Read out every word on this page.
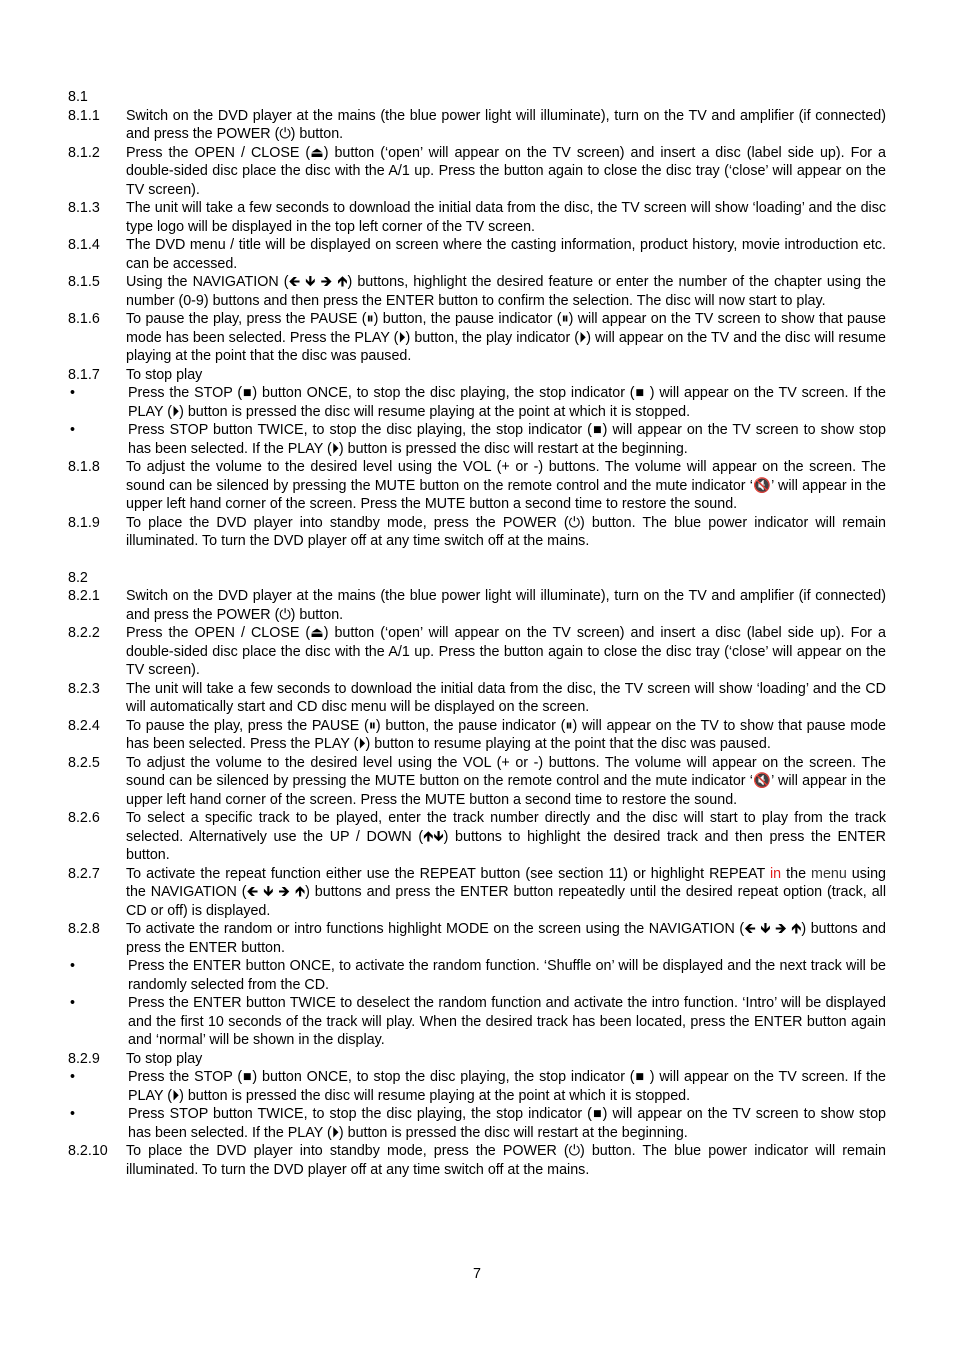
8.1
8.1.1	Switch on the DVD player at the mains (the blue power light will illuminate), turn on the TV and amplifier (if connected) and press the POWER (⏻) button.
8.1.2	Press the OPEN / CLOSE (⏏) button (‘open’ will appear on the TV screen) and insert a disc (label side up). For a double-sided disc place the disc with the A/1 up. Press the button again to close the disc tray (‘close’ will appear on the TV screen).
8.1.3	The unit will take a few seconds to download the initial data from the disc, the TV screen will show ‘loading’ and the disc type logo will be displayed in the top left corner of the TV screen.
8.1.4	The DVD menu / title will be displayed on screen where the casting information, product history, movie introduction etc. can be accessed.
8.1.5	Using the NAVIGATION (🡸 🡻 🡺 🡹) buttons, highlight the desired feature or enter the number of the chapter using the number (0-9) buttons and then press the ENTER button to confirm the selection. The disc will now start to play.
8.1.6	To pause the play, press the PAUSE (⏸) button, the pause indicator (⏸) will appear on the TV screen to show that pause mode has been selected. Press the PLAY (⏵) button, the play indicator (⏵) will appear on the TV and the disc will resume playing at the point that the disc was paused.
8.1.7	To stop play
•	Press the STOP (■) button ONCE, to stop the disc playing, the stop indicator (■ ) will appear on the TV screen. If the PLAY (⏵) button is pressed the disc will resume playing at the point at which it is stopped.
•	Press STOP button TWICE, to stop the disc playing, the stop indicator (■) will appear on the TV screen to show stop has been selected. If the PLAY (⏵) button is pressed the disc will restart at the beginning.
8.1.8	To adjust the volume to the desired level using the VOL (+ or -) buttons. The volume will appear on the screen. The sound can be silenced by pressing the MUTE button on the remote control and the mute indicator ‘🔇’ will appear in the upper left hand corner of the screen. Press the MUTE button a second time to restore the sound.
8.1.9	To place the DVD player into standby mode, press the POWER (⏻) button. The blue power indicator will remain illuminated. To turn the DVD player off at any time switch off at the mains.
8.2
8.2.1	Switch on the DVD player at the mains (the blue power light will illuminate), turn on the TV and amplifier (if connected) and press the POWER (⏻) button.
8.2.2	Press the OPEN / CLOSE (⏏) button (‘open’ will appear on the TV screen) and insert a disc (label side up). For a double-sided disc place the disc with the A/1 up. Press the button again to close the disc tray (‘close’ will appear on the TV screen).
8.2.3	The unit will take a few seconds to download the initial data from the disc, the TV screen will show ‘loading’ and the CD will automatically start and CD disc menu will be displayed on the screen.
8.2.4	To pause the play, press the PAUSE (⏸) button, the pause indicator (⏸) will appear on the TV to show that pause mode has been selected. Press the PLAY (⏵) button to resume playing at the point that the disc was paused.
8.2.5	To adjust the volume to the desired level using the VOL (+ or -) buttons. The volume will appear on the screen. The sound can be silenced by pressing the MUTE button on the remote control and the mute indicator ‘🔇’ will appear in the upper left hand corner of the screen. Press the MUTE button a second time to restore the sound.
8.2.6	To select a specific track to be played, enter the track number directly and the disc will start to play from the track selected. Alternatively use the UP / DOWN (🡹🡻) buttons to highlight the desired track and then press the ENTER button.
8.2.7	To activate the repeat function either use the REPEAT button (see section 11) or highlight REPEAT in the menu using the NAVIGATION (🡸 🡻 🡺 🡹) buttons and press the ENTER button repeatedly until the desired repeat option (track, all CD or off) is displayed.
8.2.8	To activate the random or intro functions highlight MODE on the screen using the NAVIGATION (🡸 🡻 🡺 🡹) buttons and press the ENTER button.
•	Press the ENTER button ONCE, to activate the random function. ‘Shuffle on’ will be displayed and the next track will be randomly selected from the CD.
•	Press the ENTER button TWICE to deselect the random function and activate the intro function. ‘Intro’ will be displayed and the first 10 seconds of the track will play. When the desired track has been located, press the ENTER button again and ‘normal’ will be shown in the display.
8.2.9	To stop play
•	Press the STOP (■) button ONCE, to stop the disc playing, the stop indicator (■ ) will appear on the TV screen. If the PLAY (⏵) button is pressed the disc will resume playing at the point at which it is stopped.
•	Press STOP button TWICE, to stop the disc playing, the stop indicator (■) will appear on the TV screen to show stop has been selected. If the PLAY (⏵) button is pressed the disc will restart at the beginning.
8.2.10	To place the DVD player into standby mode, press the POWER (⏻) button. The blue power indicator will remain illuminated. To turn the DVD player off at any time switch off at the mains.
7
